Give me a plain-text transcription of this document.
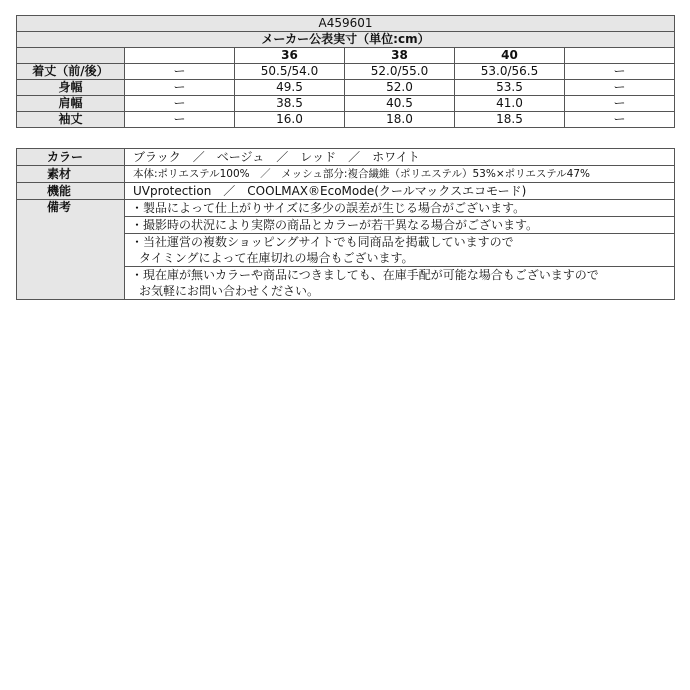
A459601					
メーカー公表実寸（単位:cm）					
		36	38	40	
着丈（前/後）	ー	50.5/54.0	52.0/55.0	53.0/56.5	ー
身幅	ー	49.5	52.0	53.5	ー
肩幅	ー	38.5	40.5	41.0	ー
袖丈	ー	16.0	18.0	18.5	ー
カラー	ブラック　／　ベージュ　／　レッド　／　ホワイト
素材	本体:ポリエステル100%　／　メッシュ部分:複合繊維（ポリエステル）53%×ポリエステル47%
機能	UVprotection　／　COOLMAX®EcoMode(クールマックスエコモード)
備考	・製品によって仕上がりサイズに多少の誤差が生じる場合がございます。

	・撮影時の状況により実際の商品とカラーが若干異なる場合がございます。

	・当社運営の複数ショッピングサイトでも同商品を掲載していますので
タイミングによって在庫切れの場合もございます。

	・現在庫が無いカラーや商品につきましても、在庫手配が可能な場合もございますので
お気軽にお問い合わせください。
